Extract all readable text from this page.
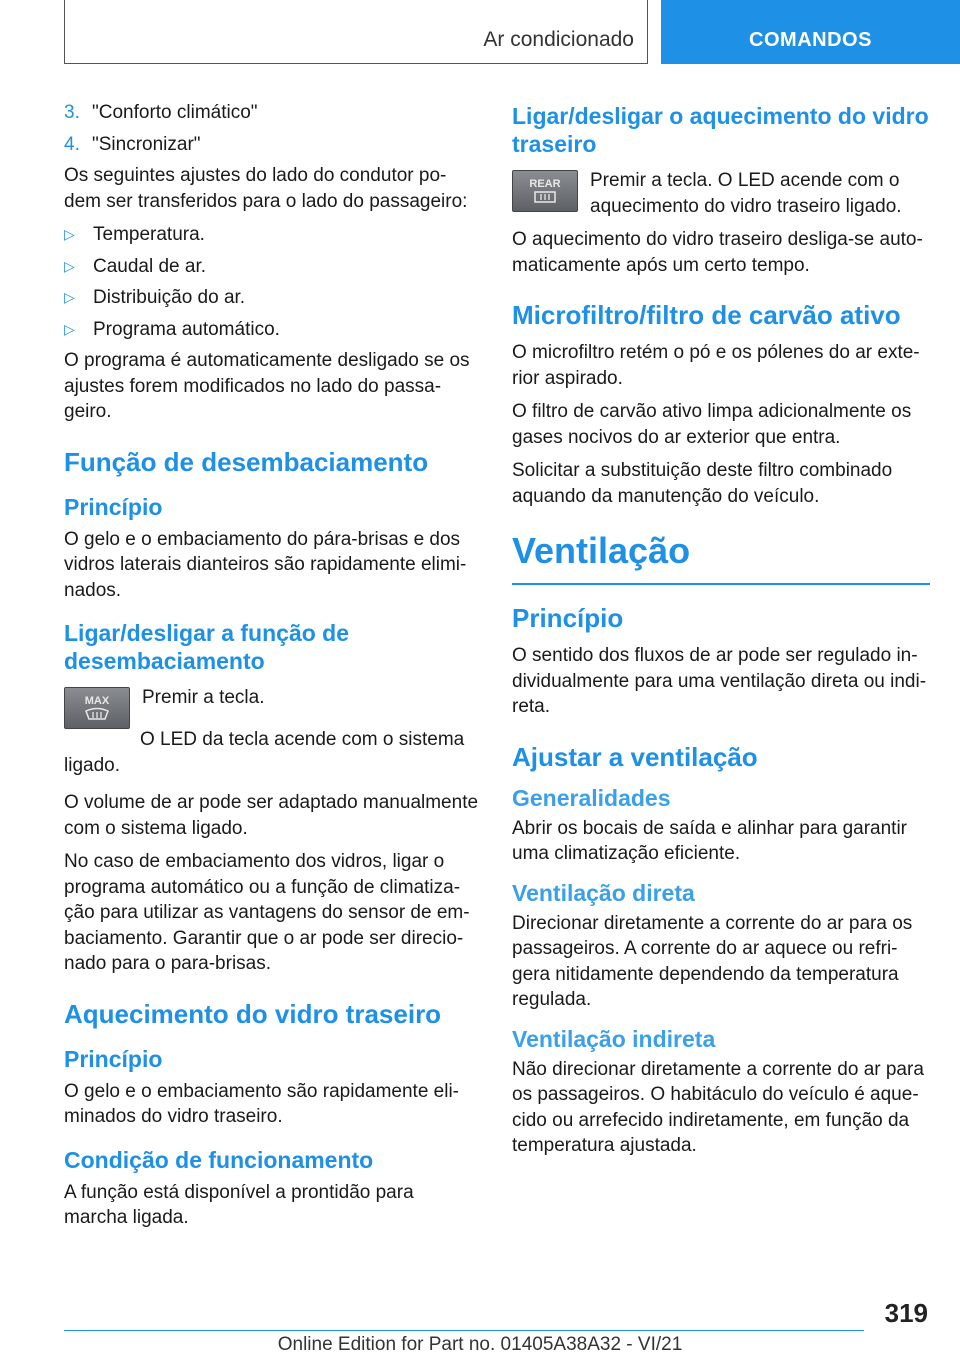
Ar condicionado	COMANDOS
3. "Conforto climático"
4. "Sincronizar"

Os seguintes ajustes do lado do condutor po-dem ser transferidos para o lado do passageiro:

▷ Temperatura.
▷ Caudal de ar.
▷ Distribuição do ar.
▷ Programa automático.

O programa é automaticamente desligado se os ajustes forem modificados no lado do passa-geiro.

Função de desembaciamento
Princípio

O gelo e o embaciamento do pára-brisas e dos vidros laterais dianteiros são rapidamente elimi-nados.

Ligar/desligar a função de desembaciamento
MAX Premir a tecla.

O LED da tecla acende com o sistema ligado.

O volume de ar pode ser adaptado manualmente com o sistema ligado.

No caso de embaciamento dos vidros, ligar o programa automático ou a função de climatiza-ção para utilizar as vantagens do sensor de em-baciamento. Garantir que o ar pode ser direcio-nado para o para-brisas.

Aquecimento do vidro traseiro
Princípio

O gelo e o embaciamento são rapidamente eli-minados do vidro traseiro.

Condição de funcionamento

A função está disponível a prontidão para marcha ligada.

Ligar/desligar o aquecimento do vidro traseiro
REAR Premir a tecla. O LED acende com o aquecimento do vidro traseiro ligado.

O aquecimento do vidro traseiro desliga-se auto-maticamente após um certo tempo.

Microfiltro/filtro de carvão ativo

O microfiltro retém o pó e os pólenes do ar exte-rior aspirado.

O filtro de carvão ativo limpa adicionalmente os gases nocivos do ar exterior que entra.

Solicitar a substituição deste filtro combinado aquando da manutenção do veículo.

Ventilação
Princípio

O sentido dos fluxos de ar pode ser regulado in-dividualmente para uma ventilação direta ou indi-reta.

Ajustar a ventilação
Generalidades

Abrir os bocais de saída e alinhar para garantir uma climatização eficiente.

Ventilação direta

Direcionar diretamente a corrente do ar para os passageiros. A corrente do ar aquece ou refri-gera nitidamente dependendo da temperatura regulada.

Ventilação indireta

Não direcionar diretamente a corrente do ar para os passageiros. O habitáculo do veículo é aque-cido ou arrefecido indiretamente, em função da temperatura ajustada.

319
Online Edition for Part no. 01405A38A32 - VI/21
